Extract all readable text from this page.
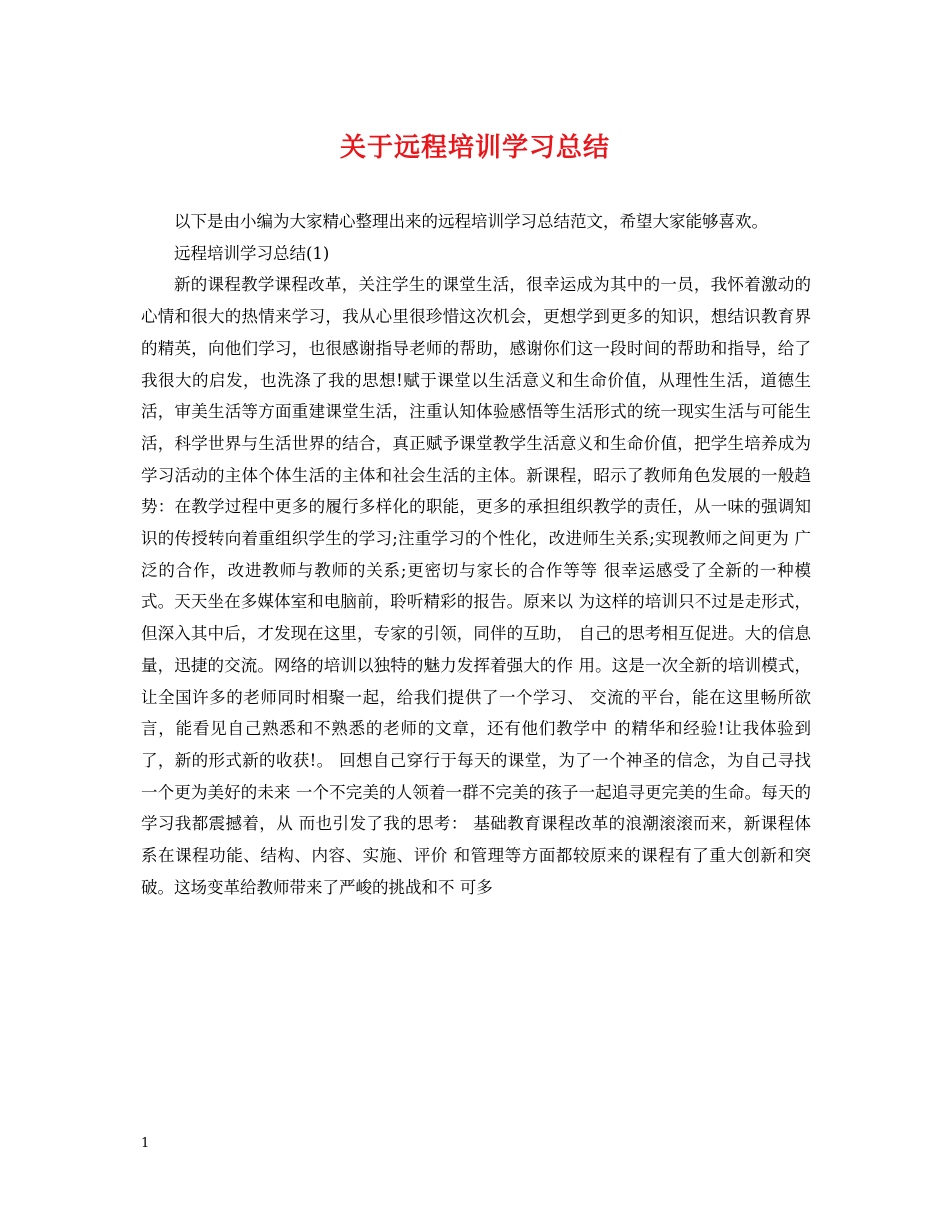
关于远程培训学习总结

以下是由小编为大家精心整理出来的远程培训学习总结范文，希望大家能够喜欢。

远程培训学习总结(1)

新的课程教学课程改革，关注学生的课堂生活，很幸运成为其中的一员，我怀着激动的 心情和很大的热情来学习，我从心里很珍惜这次机会，更想学到更多的知识，想结识教育界 的精英，向他们学习，也很感谢指导老师的帮助，感谢你们这一段时间的帮助和指导，给了 我很大的启发，也洗涤了我的思想!赋于课堂以生活意义和生命价值，从理性生活，道德生 活，审美生活等方面重建课堂生活，注重认知体验感悟等生活形式的统一现实生活与可能生 活，科学世界与生活世界的结合，真正赋予课堂教学生活意义和生命价值，把学生培养成为 学习活动的主体个体生活的主体和社会生活的主体。新课程，昭示了教师角色发展的一般趋 势：在教学过程中更多的履行多样化的职能，更多的承担组织教学的责任，从一味的强调知 识的传授转向着重组织学生的学习;注重学习的个性化，改进师生关系;实现教师之间更为 广泛的合作，改进教师与教师的关系;更密切与家长的合作等等 很幸运感受了全新的一种模式。天天坐在多媒体室和电脑前，聆听精彩的报告。原来以 为这样的培训只不过是走形式，但深入其中后，才发现在这里，专家的引领，同伴的互助， 自己的思考相互促进。大的信息量，迅捷的交流。网络的培训以独特的魅力发挥着强大的作 用。这是一次全新的培训模式，让全国许多的老师同时相聚一起，给我们提供了一个学习、 交流的平台，能在这里畅所欲言，能看见自己熟悉和不熟悉的老师的文章，还有他们教学中 的精华和经验!让我体验到了，新的形式新的收获!。 回想自己穿行于每天的课堂，为了一个神圣的信念，为自己寻找一个更为美好的未来 一个不完美的人领着一群不完美的孩子一起追寻更完美的生命。每天的学习我都震撼着，从 而也引发了我的思考： 基础教育课程改革的浪潮滚滚而来，新课程体系在课程功能、结构、内容、实施、评价 和管理等方面都较原来的课程有了重大创新和突破。这场变革给教师带来了严峻的挑战和不 可多

1
